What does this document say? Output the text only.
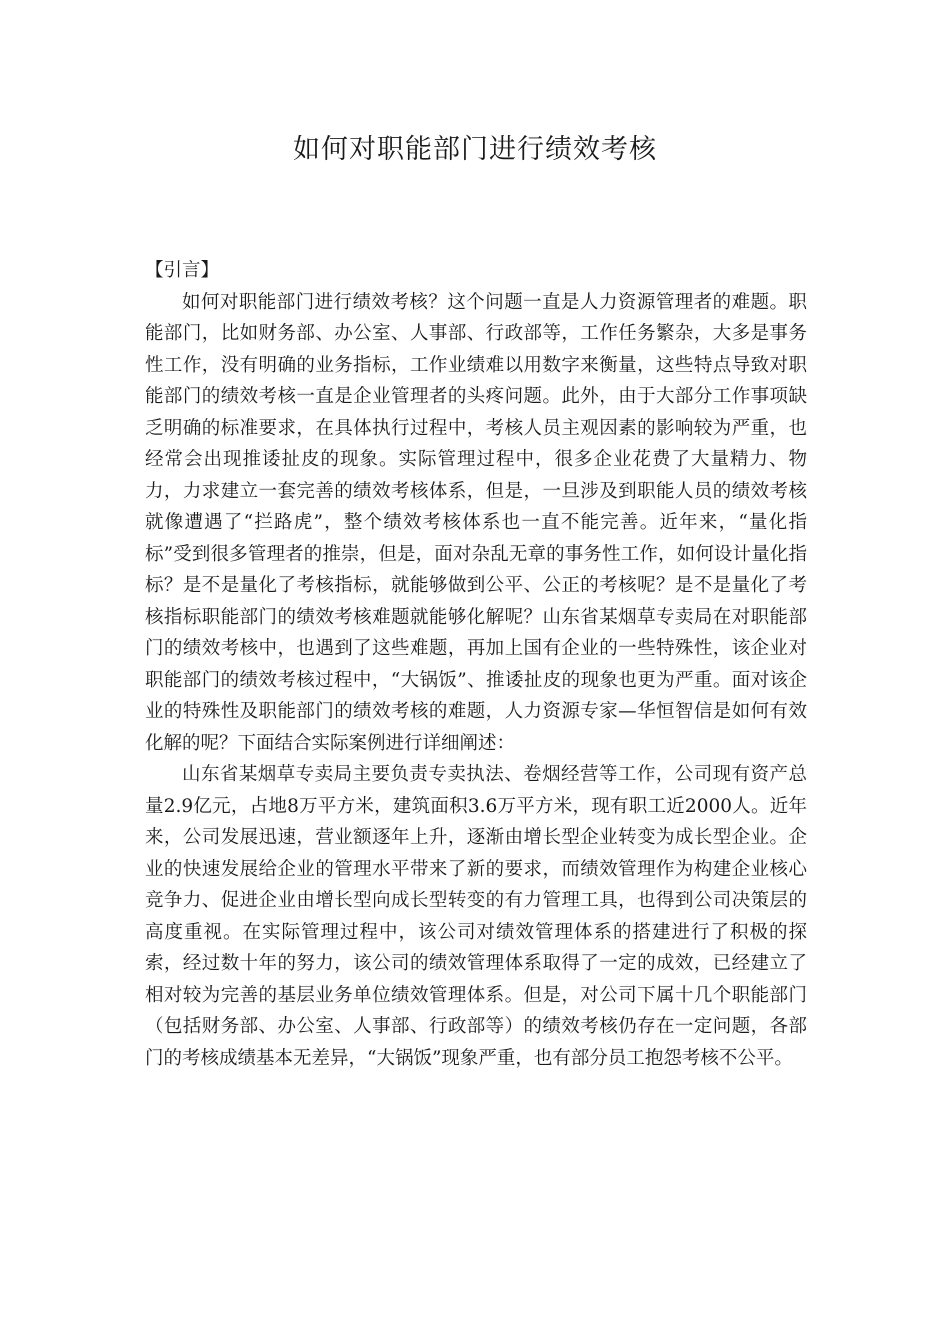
如何对职能部门进行绩效考核

【引言】

如何对职能部门进行绩效考核？这个问题一直是人力资源管理者的难题。职能部门，比如财务部、办公室、人事部、行政部等，工作任务繁杂，大多是事务性工作，没有明确的业务指标，工作业绩难以用数字来衡量，这些特点导致对职能部门的绩效考核一直是企业管理者的头疼问题。此外，由于大部分工作事项缺乏明确的标准要求，在具体执行过程中，考核人员主观因素的影响较为严重，也经常会出现推诿扯皮的现象。实际管理过程中，很多企业花费了大量精力、物力，力求建立一套完善的绩效考核体系，但是，一旦涉及到职能人员的绩效考核就像遭遇了“拦路虎”，整个绩效考核体系也一直不能完善。近年来，“量化指标”受到很多管理者的推崇，但是，面对杂乱无章的事务性工作，如何设计量化指标？是不是量化了考核指标，就能够做到公平、公正的考核呢？是不是量化了考核指标职能部门的绩效考核难题就能够化解呢？山东省某烟草专卖局在对职能部门的绩效考核中，也遇到了这些难题，再加上国有企业的一些特殊性，该企业对职能部门的绩效考核过程中，“大锅饭”、推诿扯皮的现象也更为严重。面对该企业的特殊性及职能部门的绩效考核的难题，人力资源专家—华恒智信是如何有效化解的呢？下面结合实际案例进行详细阐述：

山东省某烟草专卖局主要负责专卖执法、卷烟经营等工作，公司现有资产总量2.9亿元，占地8万平方米，建筑面积3.6万平方米，现有职工近2000人。近年来，公司发展迅速，营业额逐年上升，逐渐由增长型企业转变为成长型企业。企业的快速发展给企业的管理水平带来了新的要求，而绩效管理作为构建企业核心竞争力、促进企业由增长型向成长型转变的有力管理工具，也得到公司决策层的高度重视。在实际管理过程中，该公司对绩效管理体系的搭建进行了积极的探索，经过数十年的努力，该公司的绩效管理体系取得了一定的成效，已经建立了相对较为完善的基层业务单位绩效管理体系。但是，对公司下属十几个职能部门（包括财务部、办公室、人事部、行政部等）的绩效考核仍存在一定问题，各部门的考核成绩基本无差异，“大锅饭”现象严重，也有部分员工抱怨考核不公平。
